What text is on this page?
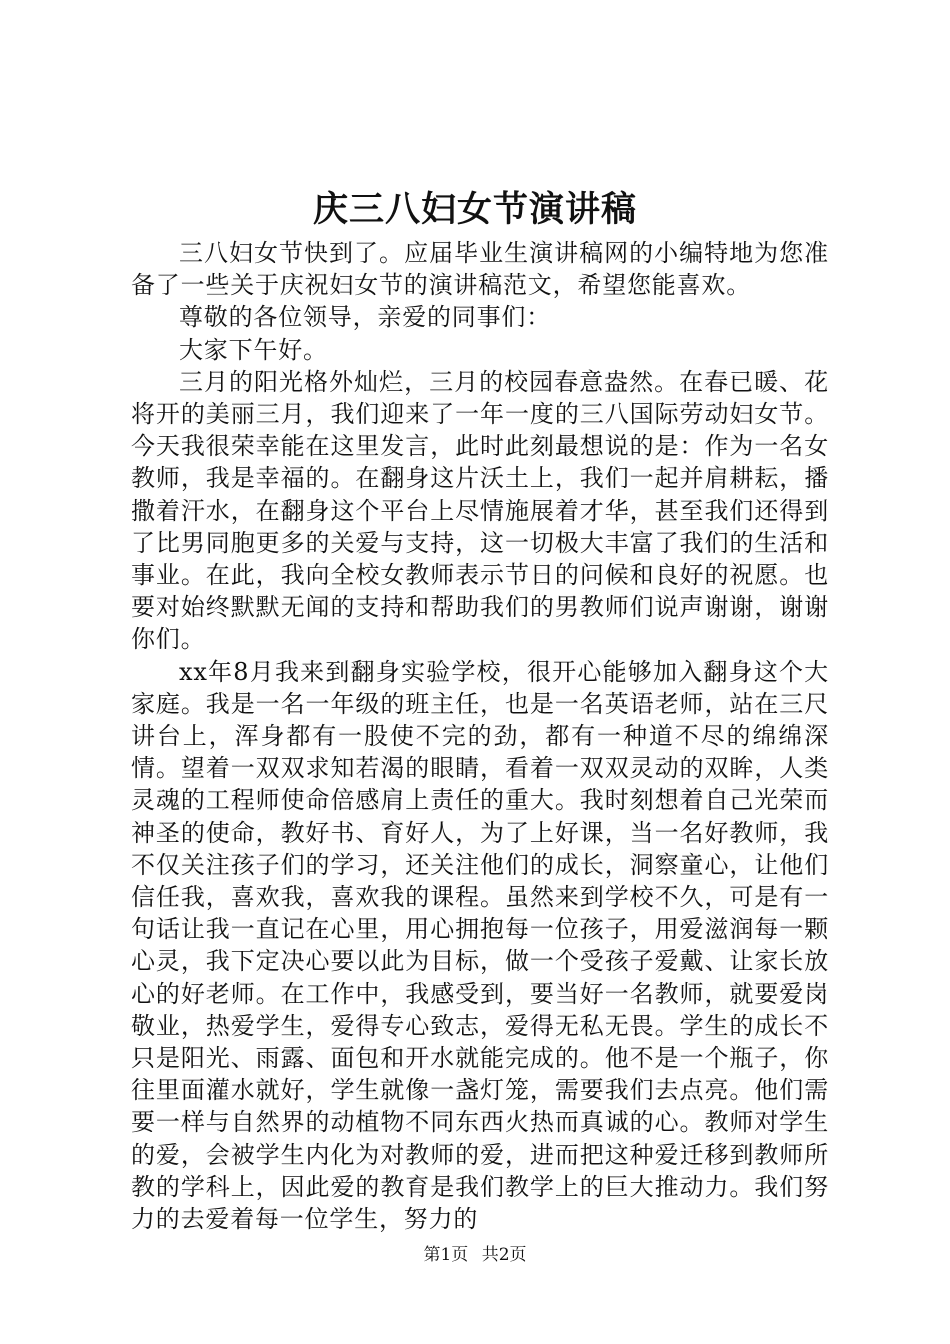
庆三八妇女节演讲稿

三八妇女节快到了。应届毕业生演讲稿网的小编特地为您准备了一些关于庆祝妇女节的演讲稿范文，希望您能喜欢。

尊敬的各位领导，亲爱的同事们：

大家下午好。

三月的阳光格外灿烂，三月的校园春意盎然。在春已暖、花将开的美丽三月，我们迎来了一年一度的三八国际劳动妇女节。今天我很荣幸能在这里发言，此时此刻最想说的是：作为一名女教师，我是幸福的。在翻身这片沃土上，我们一起并肩耕耘，播撒着汗水，在翻身这个平台上尽情施展着才华，甚至我们还得到了比男同胞更多的关爱与支持，这一切极大丰富了我们的生活和事业。在此，我向全校女教师表示节日的问候和良好的祝愿。也要对始终默默无闻的支持和帮助我们的男教师们说声谢谢，谢谢你们。

xx年8月我来到翻身实验学校，很开心能够加入翻身这个大家庭。我是一名一年级的班主任，也是一名英语老师，站在三尺讲台上，浑身都有一股使不完的劲，都有一种道不尽的绵绵深情。望着一双双求知若渴的眼睛，看着一双双灵动的双眸，人类灵魂的工程师使命倍感肩上责任的重大。我时刻想着自己光荣而神圣的使命，教好书、育好人，为了上好课，当一名好教师，我不仅关注孩子们的学习，还关注他们的成长，洞察童心，让他们信任我，喜欢我，喜欢我的课程。虽然来到学校不久，可是有一句话让我一直记在心里，用心拥抱每一位孩子，用爱滋润每一颗心灵，我下定决心要以此为目标，做一个受孩子爱戴、让家长放心的好老师。在工作中，我感受到，要当好一名教师，就要爱岗敬业，热爱学生，爱得专心致志，爱得无私无畏。学生的成长不只是阳光、雨露、面包和开水就能完成的。他不是一个瓶子，你往里面灌水就好，学生就像一盏灯笼，需要我们去点亮。他们需要一样与自然界的动植物不同东西火热而真诚的心。教师对学生的爱，会被学生内化为对教师的爱，进而把这种爱迁移到教师所教的学科上，因此爱的教育是我们教学上的巨大推动力。我们努力的去爱着每一位学生，努力的

第1页 共2页
